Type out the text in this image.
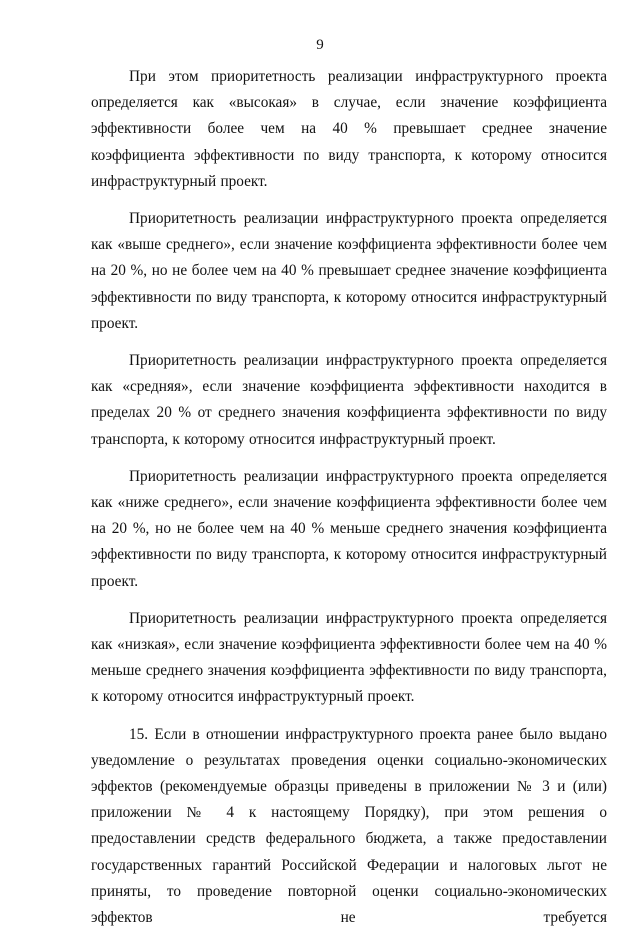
9

При этом приоритетность реализации инфраструктурного проекта определяется как «высокая» в случае, если значение коэффициента эффективности более чем на 40 % превышает среднее значение коэффициента эффективности по виду транспорта, к которому относится инфраструктурный проект.

Приоритетность реализации инфраструктурного проекта определяется как «выше среднего», если значение коэффициента эффективности более чем на 20 %, но не более чем на 40 % превышает среднее значение коэффициента эффективности по виду транспорта, к которому относится инфраструктурный проект.

Приоритетность реализации инфраструктурного проекта определяется как «средняя», если значение коэффициента эффективности находится в пределах 20 % от среднего значения коэффициента эффективности по виду транспорта, к которому относится инфраструктурный проект.

Приоритетность реализации инфраструктурного проекта определяется как «ниже среднего», если значение коэффициента эффективности более чем на 20 %, но не более чем на 40 % меньше среднего значения коэффициента эффективности по виду транспорта, к которому относится инфраструктурный проект.

Приоритетность реализации инфраструктурного проекта определяется как «низкая», если значение коэффициента эффективности более чем на 40 % меньше среднего значения коэффициента эффективности по виду транспорта, к которому относится инфраструктурный проект.

15. Если в отношении инфраструктурного проекта ранее было выдано уведомление о результатах проведения оценки социально-экономических эффектов (рекомендуемые образцы приведены в приложении № 3 и (или) приложении № 4 к настоящему Порядку), при этом решения о предоставлении средств федерального бюджета, а также предоставлении государственных гарантий Российской Федерации и налоговых льгот не приняты, то проведение повторной оценки социально-экономических эффектов не требуется
